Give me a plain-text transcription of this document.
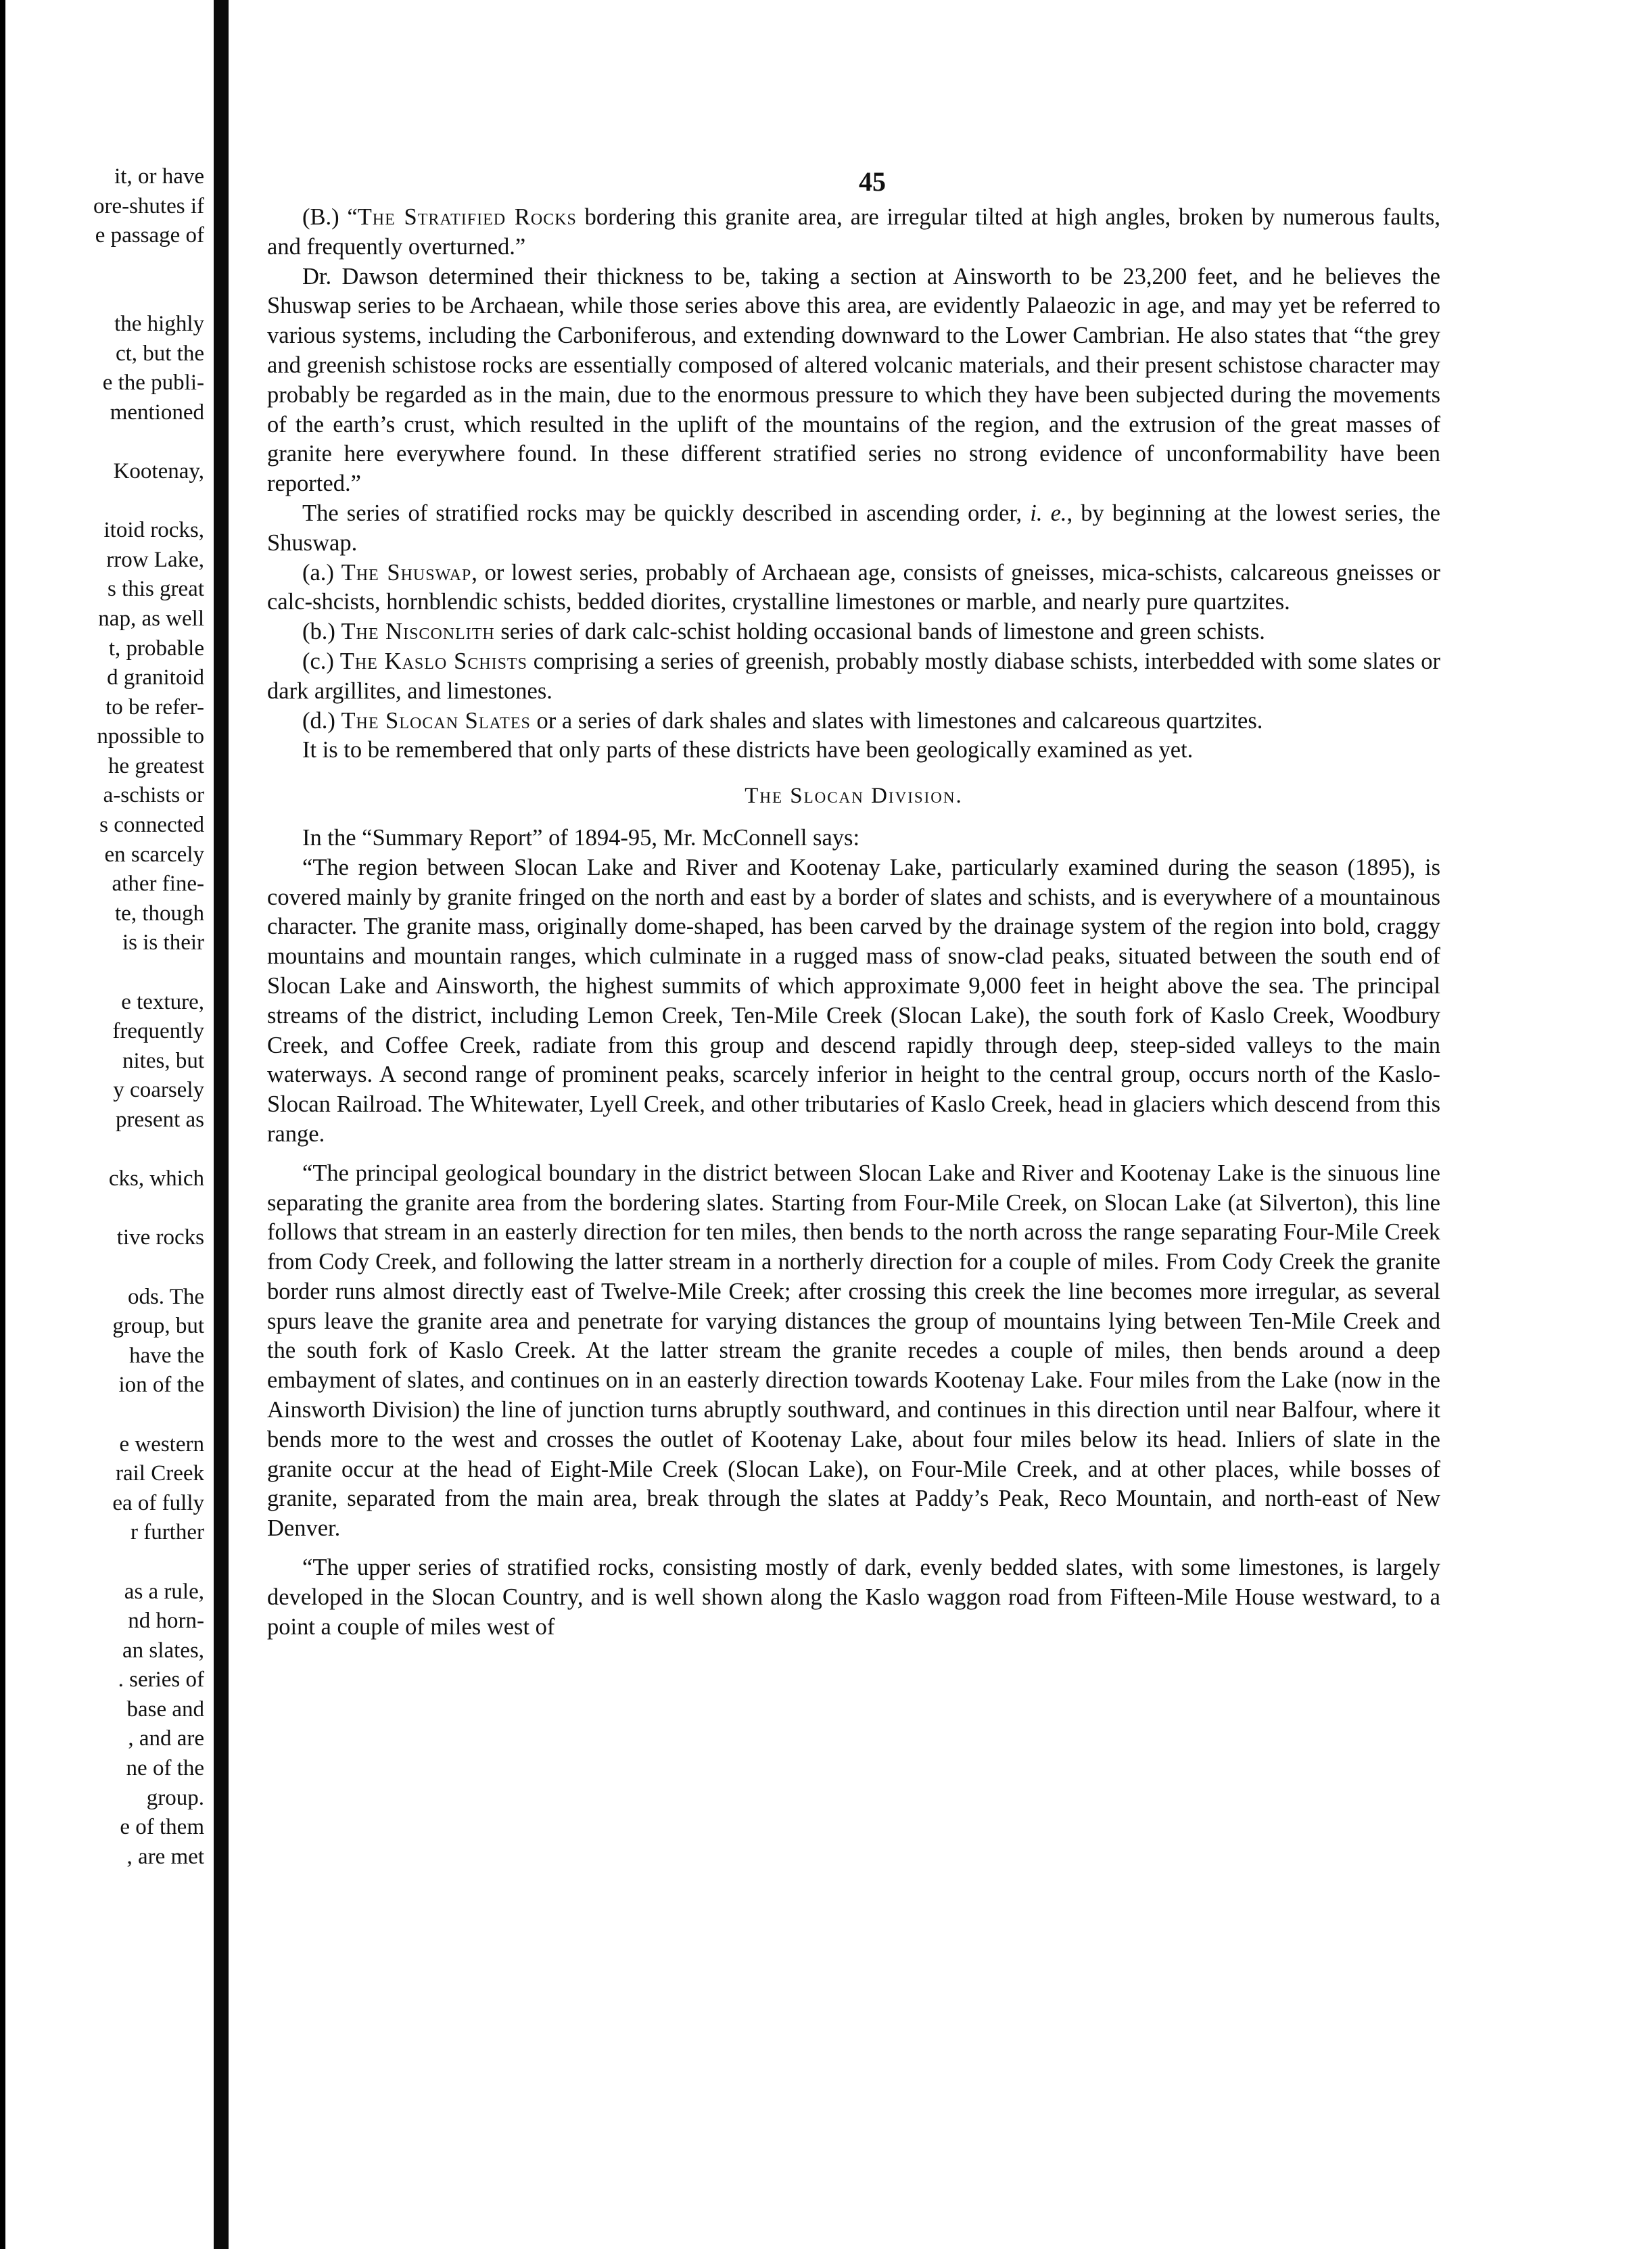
it, or have
ore-shutes if
e passage of
the highly
ct, but the
e the publi-
mentioned
Kootenay,
itoid rocks,
rrow Lake,
s this great
nap, as well
t, probable
d granitoid
to be refer-
npossible to
he greatest
a-schists or
s connected
en scarcely
ather fine-
te, though
is is their
e texture,
frequently
nites, but
y coarsely
present as
cks, which
tive rocks
ods. The
group, but
have the
ion of the
e western
rail Creek
ea of fully
r further
as a rule,
nd horn-
an slates,
. series of
base and
, and are
ne of the
group.
e of them
, are met
45

(B.) “The Stratified Rocks bordering this granite area, are irregular tilted at high angles, broken by numerous faults, and frequently overturned.”

Dr. Dawson determined their thickness to be, taking a section at Ainsworth to be 23,200 feet, and he believes the Shuswap series to be Archaean, while those series above this area, are evidently Palaeozic in age, and may yet be referred to various systems, including the Carboniferous, and extending downward to the Lower Cambrian. He also states that “the grey and greenish schistose rocks are essentially composed of altered volcanic materials, and their present schistose character may probably be regarded as in the main, due to the enormous pressure to which they have been subjected during the movements of the earth’s crust, which resulted in the uplift of the mountains of the region, and the extrusion of the great masses of granite here everywhere found. In these different stratified series no strong evidence of unconformability have been reported.”

The series of stratified rocks may be quickly described in ascending order, i. e., by beginning at the lowest series, the Shuswap.

(a.) The Shuswap, or lowest series, probably of Archaean age, consists of gneisses, mica-schists, calcareous gneisses or calc-shcists, hornblendic schists, bedded diorites, crystalline limestones or marble, and nearly pure quartzites.

(b.) The Nisconlith series of dark calc-schist holding occasional bands of limestone and green schists.

(c.) The Kaslo Schists comprising a series of greenish, probably mostly diabase schists, interbedded with some slates or dark argillites, and limestones.

(d.) The Slocan Slates or a series of dark shales and slates with limestones and calcareous quartzites.

It is to be remembered that only parts of these districts have been geologically examined as yet.

The Slocan Division.

In the “Summary Report” of 1894-95, Mr. McConnell says:

“The region between Slocan Lake and River and Kootenay Lake, particularly examined during the season (1895), is covered mainly by granite fringed on the north and east by a border of slates and schists, and is everywhere of a mountainous character. The granite mass, originally dome-shaped, has been carved by the drainage system of the region into bold, craggy mountains and mountain ranges, which culminate in a rugged mass of snow-clad peaks, situated between the south end of Slocan Lake and Ainsworth, the highest summits of which approximate 9,000 feet in height above the sea. The principal streams of the district, including Lemon Creek, Ten-Mile Creek (Slocan Lake), the south fork of Kaslo Creek, Woodbury Creek, and Coffee Creek, radiate from this group and descend rapidly through deep, steep-sided valleys to the main waterways. A second range of prominent peaks, scarcely inferior in height to the central group, occurs north of the Kaslo-Slocan Railroad. The Whitewater, Lyell Creek, and other tributaries of Kaslo Creek, head in glaciers which descend from this range.

“The principal geological boundary in the district between Slocan Lake and River and Kootenay Lake is the sinuous line separating the granite area from the bordering slates. Starting from Four-Mile Creek, on Slocan Lake (at Silverton), this line follows that stream in an easterly direction for ten miles, then bends to the north across the range separating Four-Mile Creek from Cody Creek, and following the latter stream in a northerly direction for a couple of miles. From Cody Creek the granite border runs almost directly east of Twelve-Mile Creek; after crossing this creek the line becomes more irregular, as several spurs leave the granite area and penetrate for varying distances the group of mountains lying between Ten-Mile Creek and the south fork of Kaslo Creek. At the latter stream the granite recedes a couple of miles, then bends around a deep embayment of slates, and continues on in an easterly direction towards Kootenay Lake. Four miles from the Lake (now in the Ainsworth Division) the line of junction turns abruptly southward, and continues in this direction until near Balfour, where it bends more to the west and crosses the outlet of Kootenay Lake, about four miles below its head. Inliers of slate in the granite occur at the head of Eight-Mile Creek (Slocan Lake), on Four-Mile Creek, and at other places, while bosses of granite, separated from the main area, break through the slates at Paddy’s Peak, Reco Mountain, and north-east of New Denver.

“The upper series of stratified rocks, consisting mostly of dark, evenly bedded slates, with some limestones, is largely developed in the Slocan Country, and is well shown along the Kaslo waggon road from Fifteen-Mile House westward, to a point a couple of miles west of
